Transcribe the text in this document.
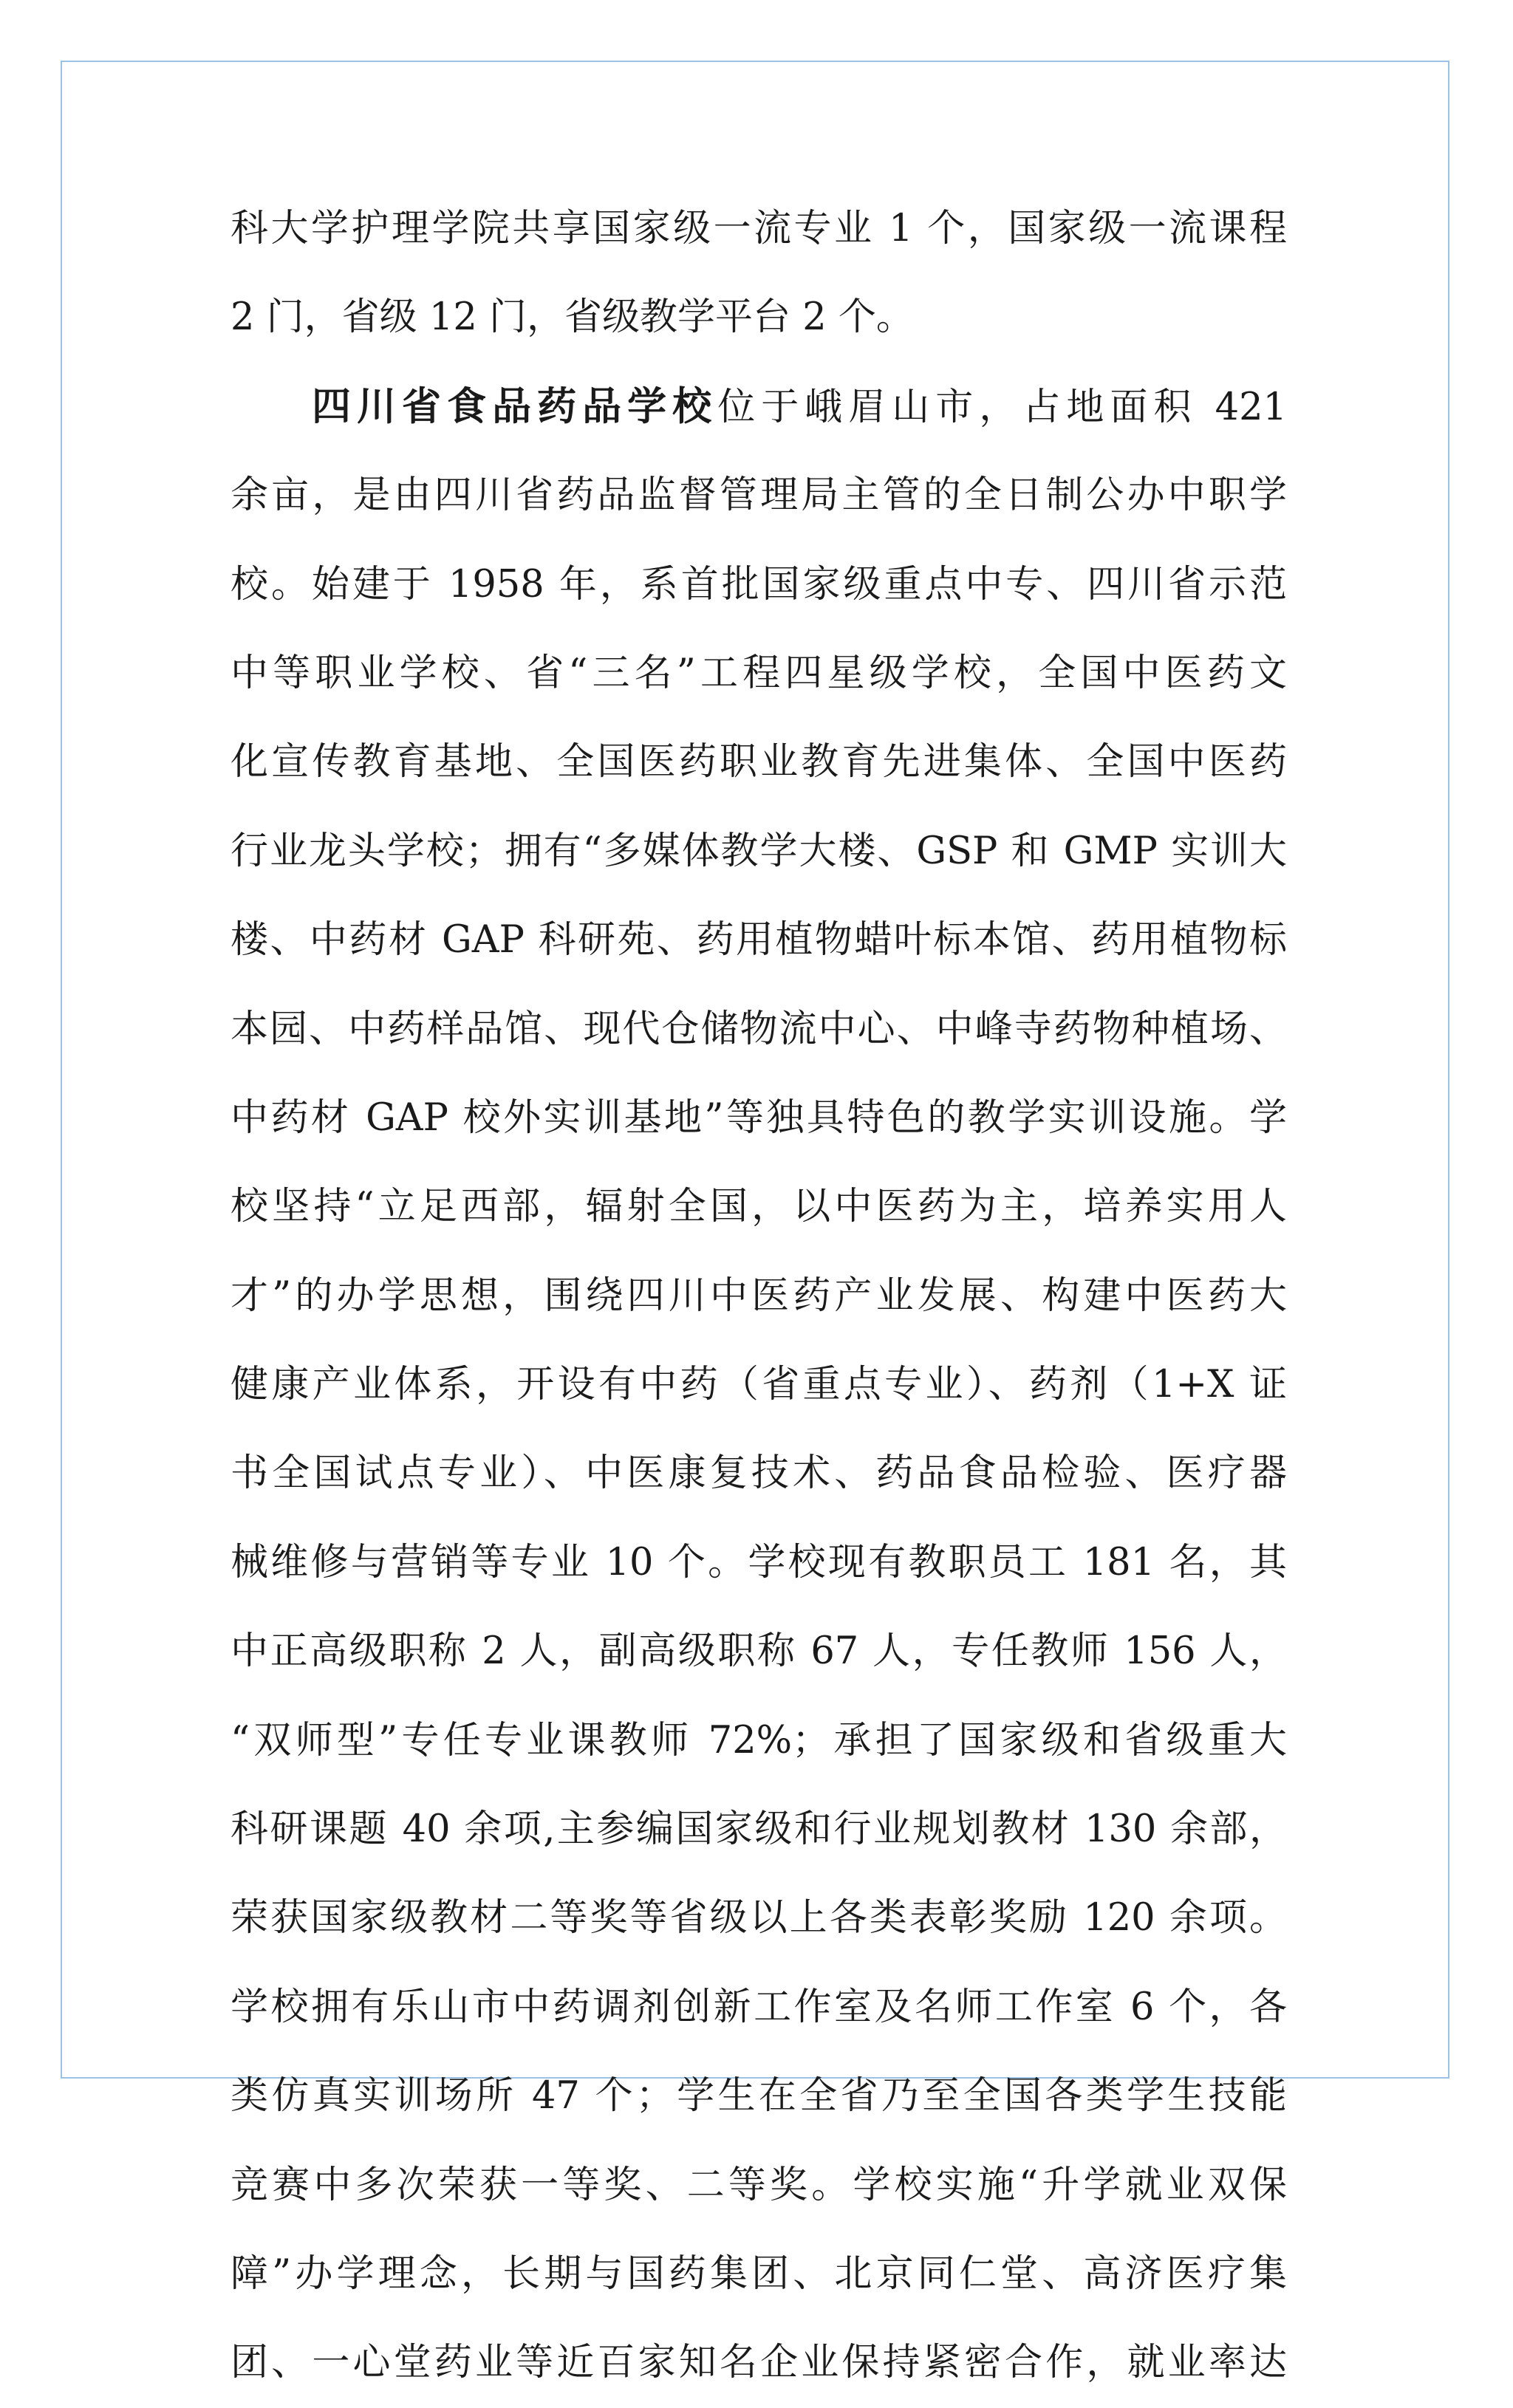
科大学护理学院共享国家级一流专业 1 个，国家级一流课程
2 门，省级 12 门，省级教学平台 2 个。
四川省食品药品学校位于峨眉山市，占地面积 421
余亩，是由四川省药品监督管理局主管的全日制公办中职学
校。始建于 1958 年，系首批国家级重点中专、四川省示范
中等职业学校、省“三名”工程四星级学校，全国中医药文
化宣传教育基地、全国医药职业教育先进集体、全国中医药
行业龙头学校；拥有“多媒体教学大楼、GSP 和 GMP 实训大
楼、中药材 GAP 科研苑、药用植物蜡叶标本馆、药用植物标
本园、中药样品馆、现代仓储物流中心、中峰寺药物种植场、
中药材 GAP 校外实训基地”等独具特色的教学实训设施。学
校坚持“立足西部，辐射全国，以中医药为主，培养实用人
才”的办学思想，围绕四川中医药产业发展、构建中医药大
健康产业体系，开设有中药（省重点专业）、药剂（1+X 证
书全国试点专业）、中医康复技术、药品食品检验、医疗器
械维修与营销等专业 10 个。学校现有教职员工 181 名，其
中正高级职称 2 人，副高级职称 67 人，专任教师 156 人，
“双师型”专任专业课教师 72%；承担了国家级和省级重大
科研课题 40 余项,主参编国家级和行业规划教材 130 余部，
荣获国家级教材二等奖等省级以上各类表彰奖励 120 余项。
学校拥有乐山市中药调剂创新工作室及名师工作室 6 个，各
类仿真实训场所 47 个；学生在全省乃至全国各类学生技能
竞赛中多次荣获一等奖、二等奖。学校实施“升学就业双保
障”办学理念，长期与国药集团、北京同仁堂、高济医疗集
团、一心堂药业等近百家知名企业保持紧密合作，就业率达
